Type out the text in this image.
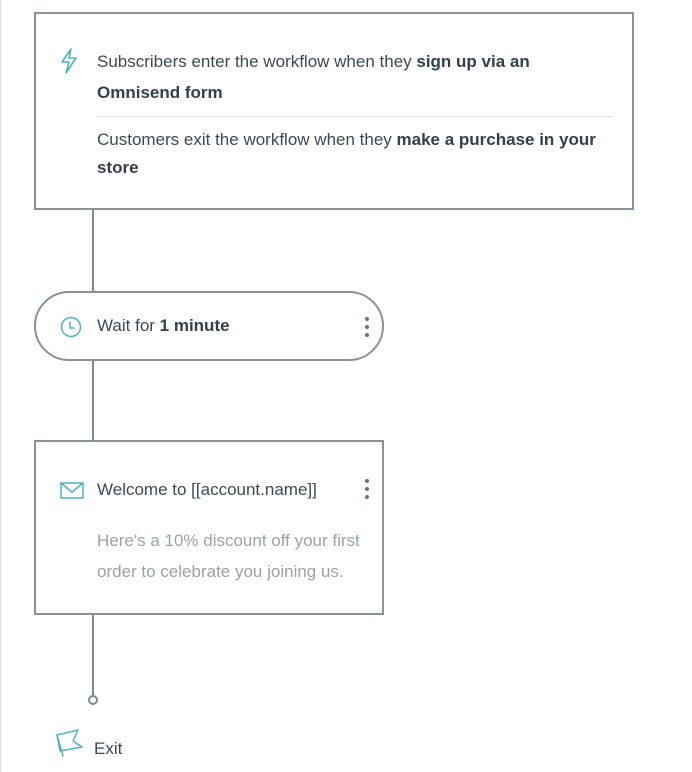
Subscribers enter the workflow when they sign up via an Omnisend form
Customers exit the workflow when they make a purchase in your store
Wait for 1 minute
Welcome to [[account.name]]
Here's a 10% discount off your first order to celebrate you joining us.
Exit
